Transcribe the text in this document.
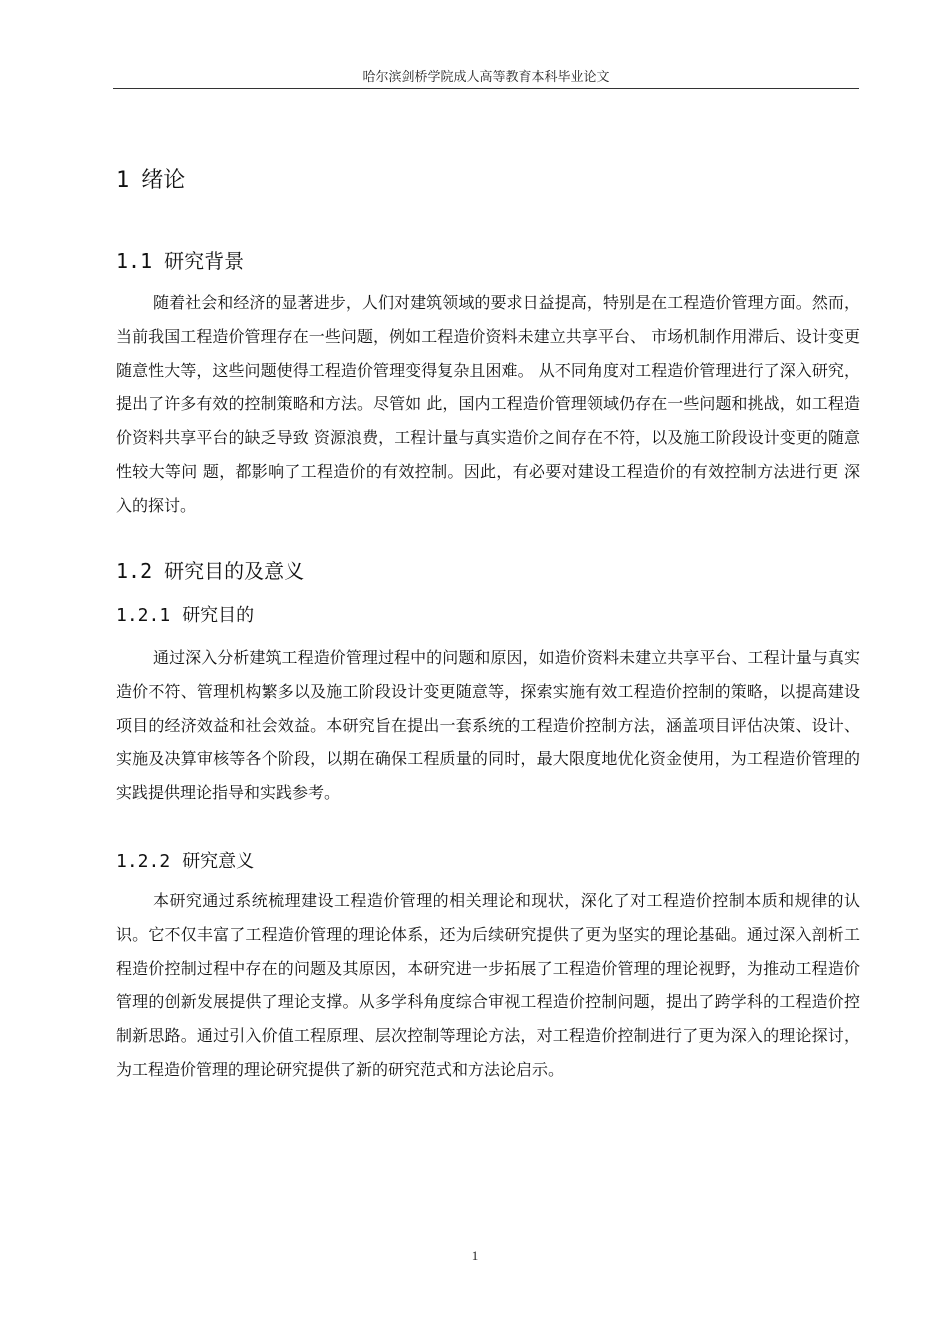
哈尔滨剑桥学院成人高等教育本科毕业论文
1 绪论
1.1 研究背景
随着社会和经济的显著进步，人们对建筑领域的要求日益提高，特别是在工程造价管理方面。然而，当前我国工程造价管理存在一些问题，例如工程造价资料未建立共享平台、 市场机制作用滞后、设计变更随意性大等，这些问题使得工程造价管理变得复杂且困难。 从不同角度对工程造价管理进行了深入研究，提出了许多有效的控制策略和方法。尽管如 此，国内工程造价管理领域仍存在一些问题和挑战，如工程造价资料共享平台的缺乏导致 资源浪费，工程计量与真实造价之间存在不符，以及施工阶段设计变更的随意性较大等问 题，都影响了工程造价的有效控制。因此，有必要对建设工程造价的有效控制方法进行更 深入的探讨。
1.2 研究目的及意义
1.2.1 研究目的
通过深入分析建筑工程造价管理过程中的问题和原因，如造价资料未建立共享平台、工程计量与真实造价不符、管理机构繁多以及施工阶段设计变更随意等，探索实施有效工程造价控制的策略，以提高建设项目的经济效益和社会效益。本研究旨在提出一套系统的工程造价控制方法，涵盖项目评估决策、设计、实施及决算审核等各个阶段，以期在确保工程质量的同时，最大限度地优化资金使用，为工程造价管理的实践提供理论指导和实践参考。
1.2.2 研究意义
本研究通过系统梳理建设工程造价管理的相关理论和现状，深化了对工程造价控制本质和规律的认识。它不仅丰富了工程造价管理的理论体系，还为后续研究提供了更为坚实的理论基础。通过深入剖析工程造价控制过程中存在的问题及其原因，本研究进一步拓展了工程造价管理的理论视野，为推动工程造价管理的创新发展提供了理论支撑。从多学科角度综合审视工程造价控制问题，提出了跨学科的工程造价控制新思路。通过引入价值工程原理、层次控制等理论方法，对工程造价控制进行了更为深入的理论探讨，为工程造价管理的理论研究提供了新的研究范式和方法论启示。
1
